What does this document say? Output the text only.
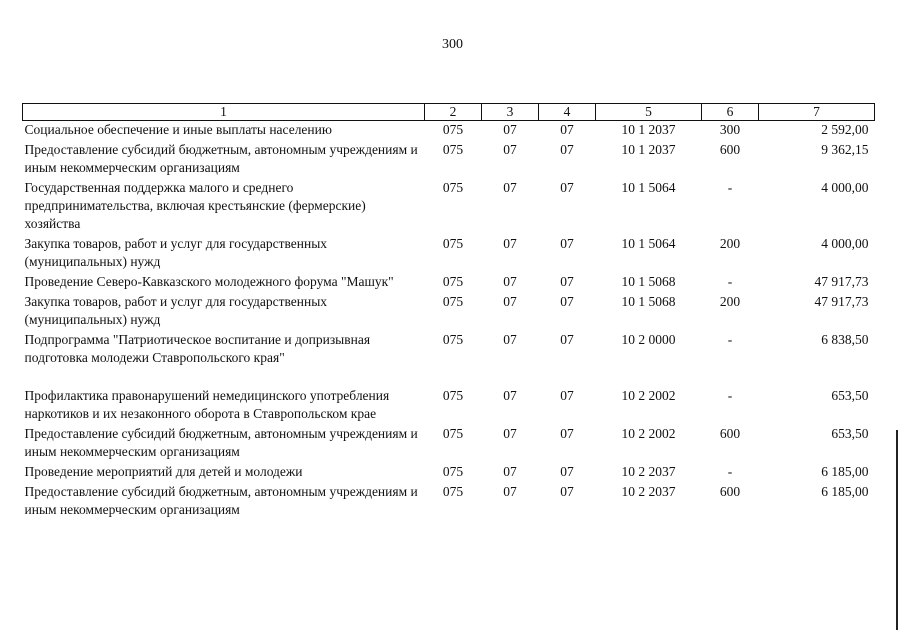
300
1	2	3	4	5	6	7
Социальное обеспечение и иные выплаты населению	075	07	07	10 1 2037	300	2 592,00
Предоставление субсидий бюджетным, автономным учреждениям и иным некоммерческим организациям	075	07	07	10 1 2037	600	9 362,15
Государственная поддержка малого и среднего предпринимательства, включая крестьянские (фермерские) хозяйства	075	07	07	10 1 5064	-	4 000,00
Закупка товаров, работ и услуг для государственных (муниципальных) нужд	075	07	07	10 1 5064	200	4 000,00
Проведение Северо-Кавказского молодежного форума "Машук"	075	07	07	10 1 5068	-	47 917,73
Закупка товаров, работ и услуг для государственных (муниципальных) нужд	075	07	07	10 1 5068	200	47 917,73
Подпрограмма "Патриотическое воспитание и допризывная подготовка молодежи Ставропольского края"	075	07	07	10 2 0000	-	6 838,50
Профилактика правонарушений немедицинского употребления наркотиков и их незаконного оборота в Ставропольском крае	075	07	07	10 2 2002	-	653,50
Предоставление субсидий бюджетным, автономным учреждениям и иным некоммерческим организациям	075	07	07	10 2 2002	600	653,50
Проведение мероприятий для детей и молодежи	075	07	07	10 2 2037	-	6 185,00
Предоставление субсидий бюджетным, автономным учреждениям и иным некоммерческим организациям	075	07	07	10 2 2037	600	6 185,00
